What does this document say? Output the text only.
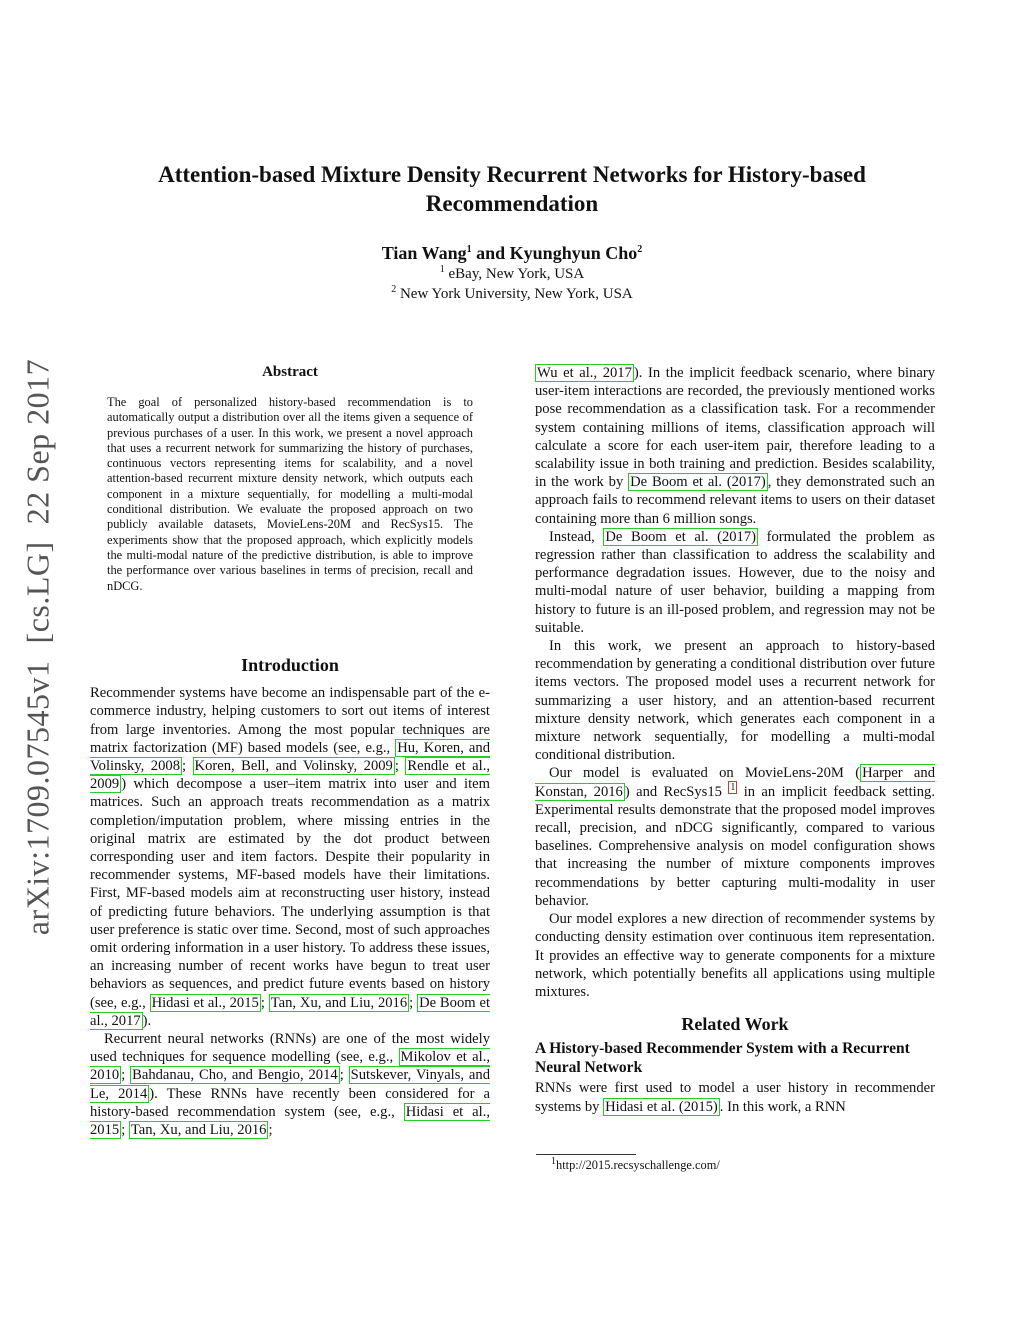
Attention-based Mixture Density Recurrent Networks for History-based
Recommendation
Tian Wang$^1$ and Kyunghyun Cho$^2$
$^1$ eBay, New York, USA
$^2$ New York University, New York, USA
arXiv:1709.07545v1  [cs.LG]  22 Sep 2017	Abstract
The goal of personalized history-based recommendation is to automatically output a distribution over all the items given a sequence of previous purchases of a user. In this work, we present a novel approach that uses a recurrent network for summarizing the history of purchases, continuous vectors representing items for scalability, and a novel attention-based recurrent mixture density network, which outputs each component in a mixture sequentially, for modelling a multi-modal conditional distribution. We evaluate the proposed approach on two publicly available datasets, MovieLens-20M and RecSys15. The experiments show that the proposed approach, which explicitly models the multi-modal nature of the predictive distribution, is able to improve the performance over various baselines in terms of precision, recall and nDCG.
Introduction

Recommender systems have become an indispensable part of the e-commerce industry, helping customers to sort out items of interest from large inventories. Among the most popular techniques are matrix factorization (MF) based models (see, e.g., Hu, Koren, and Volinsky, 2008 ; Koren, Bell, and Volinsky, 2009 ; Rendle et al., 2009 ) which decompose a user–item matrix into user and item matrices. Such an approach treats recommendation as a matrix completion/imputation problem, where missing entries in the original matrix are estimated by the dot product between corresponding user and item factors. Despite their popularity in recommender systems, MF-based models have their limitations. First, MF-based models aim at reconstructing user history, instead of predicting future behaviors. The underlying assumption is that user preference is static over time. Second, most of such approaches omit ordering information in a user history. To address these issues, an increasing number of recent works have begun to treat user behaviors as sequences, and predict future events based on history (see, e.g., Hidasi et al., 2015 ; Tan, Xu, and Liu, 2016 ; De Boom et al., 2017 ).

Recurrent neural networks (RNNs) are one of the most widely used techniques for sequence modelling (see, e.g., Mikolov et al., 2010 ; Bahdanau, Cho, and Bengio, 2014 ; Sutskever, Vinyals, and Le, 2014 ). These RNNs have recently been considered for a history-based recommendation system (see, e.g., Hidasi et al., 2015 ; Tan, Xu, and Liu, 2016 ;

Wu et al., 2017 ). In the implicit feedback scenario, where binary user-item interactions are recorded, the previously mentioned works pose recommendation as a classification task. For a recommender system containing millions of items, classification approach will calculate a score for each user-item pair, therefore leading to a scalability issue in both training and prediction. Besides scalability, in the work by De Boom et al. (2017) , they demonstrated such an approach fails to recommend relevant items to users on their dataset containing more than 6 million songs.

Instead, De Boom et al. (2017) formulated the problem as regression rather than classification to address the scalability and performance degradation issues. However, due to the noisy and multi-modal nature of user behavior, building a mapping from history to future is an ill-posed problem, and regression may not be suitable.

In this work, we present an approach to history-based recommendation by generating a conditional distribution over future items vectors. The proposed model uses a recurrent network for summarizing a user history, and an attention-based recurrent mixture density network, which generates each component in a mixture network sequentially, for modelling a multi-modal conditional distribution.

Our model is evaluated on MovieLens-20M ( Harper and Konstan, 2016 ) and RecSys15 $^1$ in an implicit feedback setting. Experimental results demonstrate that the proposed model improves recall, precision, and nDCG significantly, compared to various baselines. Comprehensive analysis on model configuration shows that increasing the number of mixture components improves recommendations by better capturing multi-modality in user behavior.

Our model explores a new direction of recommender systems by conducting density estimation over continuous item representation. It provides an effective way to generate components for a mixture network, which potentially benefits all applications using multiple mixtures.

Related Work
A History-based Recommender System with a Recurrent Neural Network

RNNs were first used to model a user history in recommender systems by Hidasi et al. (2015) . In this work, a RNN

$^1$http://2015.recsyschallenge.com/
